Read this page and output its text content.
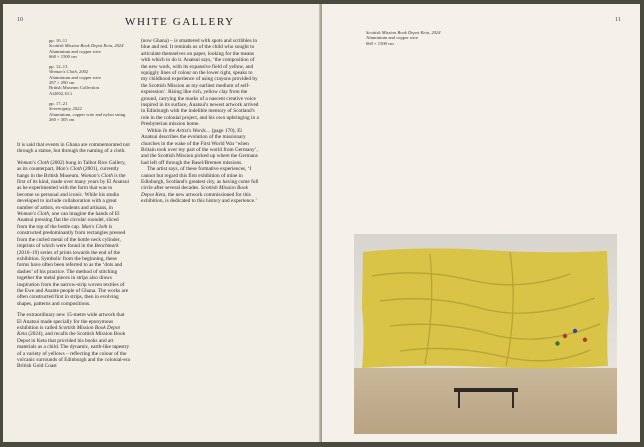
10	WHITE GALLERY
pp. 10–11
Scottish Mission Book Depot Keta, 2024
Aluminium and copper wire
660 × 1500 cm
pp. 12–13
Woman's Cloth, 2002
Aluminium and copper wire
287 × 290 cm
British Museum Collection
Af2002,10.1
pp. 17–21
Sovereignty, 2022
Aluminium, copper wire and nylon string
260 × 305 cm

It is said that events in Ghana are commemorated not through a statue, but through the naming of a cloth.

Woman's Cloth (2002) hung in Talbot Rice Gallery, as its counterpart, Man's Cloth (2001), currently hangs in the British Museum. Woman's Cloth is the first of its kind, made over many years by El Anatsui as he experimented with the form that was to become so personal and iconic. While his studio developed to include collaboration with a great number of artists, ex-students and artisans, in Woman's Cloth, one can imagine the hands of El Anatsui pressing flat the circular roundel, sliced from the top of the bottle cap. Man's Cloth is constructed predominantly from rectangles pressed from the curled metal of the bottle neck cylinder, imprints of which were found in the Benchmark (2016–19) series of prints towards the end of the exhibition. Symbolic from the beginning, these forms have often been referred to as the ‘dots and dashes’ of his practice. The method of stitching together the metal pieces in strips also draws inspiration from the narrow-strip woven textiles of the Ewe and Asante people of Ghana. The works are often constructed first in strips, then in evolving shapes, patterns and compositions.

The extraordinary new 15-metre wide artwork that El Anatsui made specially for the eponymous exhibition is called Scottish Mission Book Depot Keta (2024), and recalls the Scottish Mission Book Depot in Keta that provided his books and art materials as a child. The dynamic, earth-like tapestry of a variety of yellows – reflecting the colour of the volcanic surrounds of Edinburgh and the colonial-era British Gold Coast

(now Ghana) – is smattered with spots and scribbles in blue and red. It reminds us of the child who sought to articulate themselves on paper, looking for the means with which to do it. Anatsui says, ‘the composition of the new work, with its expansive field of yellow, and squiggly lines of colour on the lower right, speaks to my childhood experience of using crayons provided by the Scottish Mission as my earliest medium of self-expression’. Rising like rich, yellow clay from the ground, carrying the marks of a nascent creative voice inspired in its surface, Anatsui's newest artwork arrived in Edinburgh with the indelible memory of Scotland's role in the colonial project, and his own upbringing in a Presbyterian mission home.

Within In the Artist's Words… (page 170), El Anatsui describes the evolution of the missionary churches in the wake of the First World War ‘when Britain took over my part of the world from Germany’, and the Scottish Mission picked up where the Germans had left off through the Basel/Bremen missions.

The artist says, of these formative experiences, ‘I cannot but regard this first exhibition of mine in Edinburgh, Scotland's greatest city, as having come full circle after several decades. Scottish Mission Book Depot Keta, the new artwork commissioned for this exhibition, is dedicated to this history and experience.’

11
Scottish Mission Book Depot Keta, 2024
Aluminium and copper wire
660 × 1500 cm
